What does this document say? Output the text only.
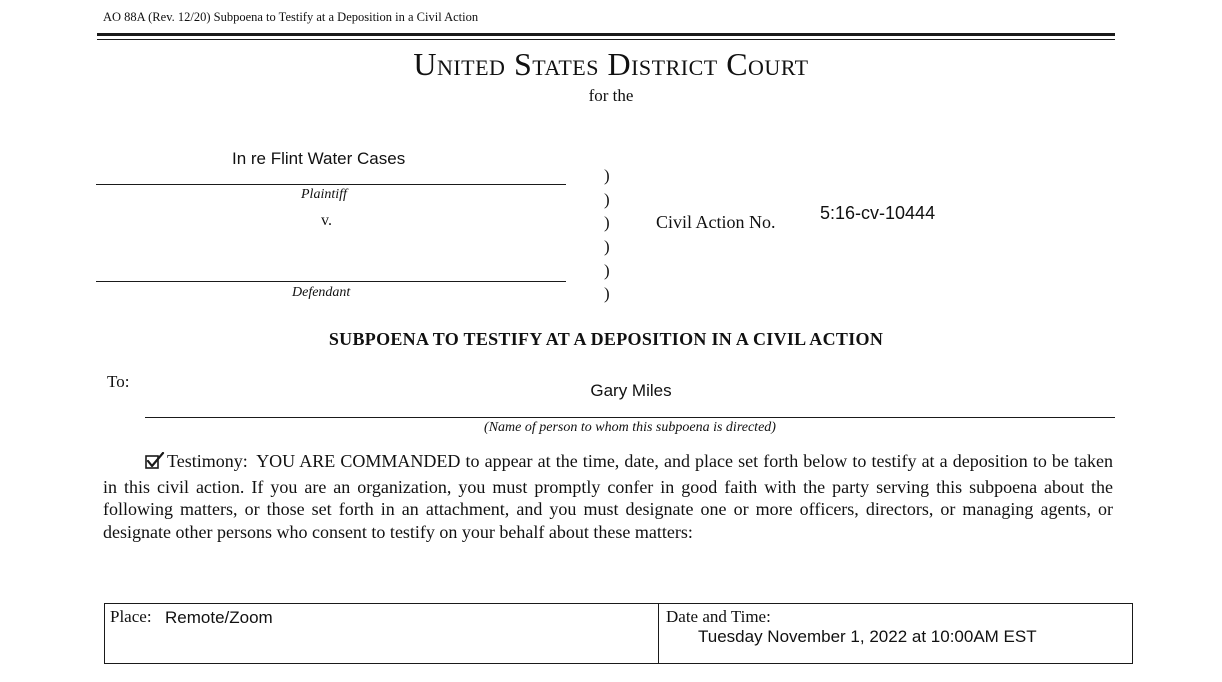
AO 88A (Rev. 12/20) Subpoena to Testify at a Deposition in a Civil Action
United States District Court
for the
In re Flint Water Cases
Plaintiff
v.
Defendant
)
)
)
)
)
)
Civil Action No. 5:16-cv-10444
SUBPOENA TO TESTIFY AT A DEPOSITION IN A CIVIL ACTION
To:	Gary Miles
(Name of person to whom this subpoena is directed)
Testimony: YOU ARE COMMANDED to appear at the time, date, and place set forth below to testify at a deposition to be taken in this civil action. If you are an organization, you must promptly confer in good faith with the party serving this subpoena about the following matters, or those set forth in an attachment, and you must designate one or more officers, directors, or managing agents, or designate other persons who consent to testify on your behalf about these matters:
Place: Remote/Zoom	Date and Time:
Tuesday November 1, 2022 at 10:00AM EST
